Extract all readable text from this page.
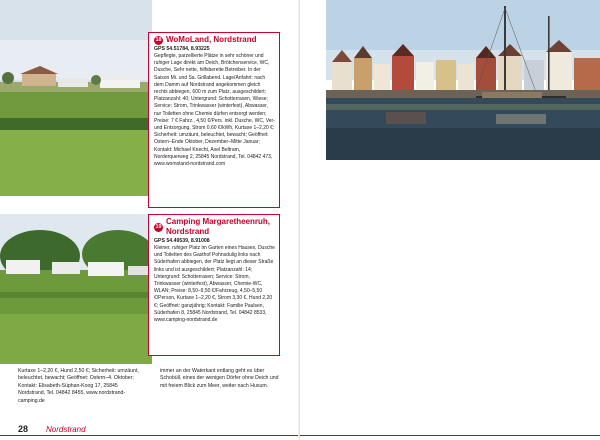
18 WoMoLand, Nordstrand
GPS 54.51784, 8.93225
Gepflegte, parzellierte Plätze in sehr schöner und ruhiger Lage direkt am Deich, Brötchenservice, WC, Dusche, Sehr nette, hilfsbereite Betreiber. In der Saison Mi. und Sa. Grillabend. Lage/Anfahrt: nach dem Damm auf Nordstrand angekommen gleich rechts abbiegen, 600 m zum Platz, ausgeschildert; Platzanzahl: 40; Untergrund: Schotterrasen, Wiese; Service: Strom, Trinkwasser (winterfest), Abwasser, nur Toiletten ohne Chemie dürfen entsorgt werden; Preise: 7 € Fahrz., 4,50 €/Pers. inkl. Dusche, WC, Ver- und Entsorgung, Strom 0,60 €/kWh, Kurtaxe 1–2,20 €; Sicherheit: umzäunt, beleuchtet, bewacht; Geöffnet: Ostern–Ende Oktober, Dezember–Mitte Januar; Kontakt: Michael Knecht, Axel Beltram, Norderquerweg 2, 25845 Nordstrand, Tel. 04842 473, www.womoland-nordstrand.com
19
Camping Margaretheenruh, Nordstrand
GPS 54.49539, 8.91008
Kleiner, ruhiger Platz im Garten eines Hauses, Dusche und Toiletten des Gasthof Pohnsdulig links nach Süderhafen abbiegen, der Platz liegt an dieser Straße links und ist ausgeschildert; Platzanzahl: 14; Untergrund: Schotterrasen; Service: Strom, Trinkwasser (winterfest), Abwasser, Chemie-WC, WLAN; Preise: 8,50–9,50 €/Fahrzeug, 4,50–5,50 €/Person, Kurtaxe 1–2,20 €, Strom 3,30 €, Hund 2,20 €; Geöffnet: ganzjährig; Kontakt: Familie Paulsen, Süderhafen 8, 25845 Nordstrand, Tel. 04842 8533, www.camping-nordstrand.de
Kurtaxe 1–2,20 €, Hund 2,50 €; Sicherheit: umzäunt, beleuchtet, bewacht; Geöffnet: Ostern–4. Oktober; Kontakt: Elisabeth-Süphan-Koog 17, 25845 Nordstrand, Tel. 04842 8455, www.nordstrand-camping.de
immer an der Waterkant entlang geht es über Schobüll, eines der wenigen Dörfer ohne Deich und mit freiem Blick zum Meer, weiter nach Husum.
28 Nordstrand
